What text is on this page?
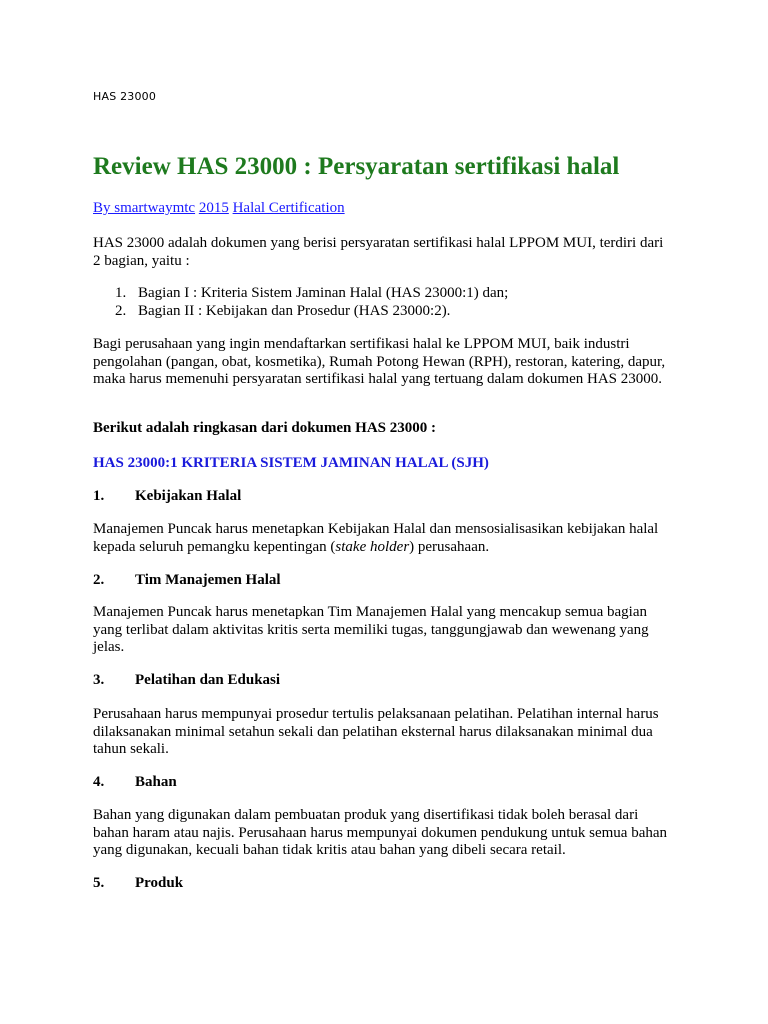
HAS 23000
Review HAS 23000 : Persyaratan sertifikasi halal
By smartwaymtc 2015 Halal Certification

HAS 23000 adalah dokumen yang berisi persyaratan sertifikasi halal LPPOM MUI, terdiri dari 2 bagian, yaitu :

1. Bagian I : Kriteria Sistem Jaminan Halal (HAS 23000:1) dan;
2. Bagian II : Kebijakan dan Prosedur (HAS 23000:2).

Bagi perusahaan yang ingin mendaftarkan sertifikasi halal ke LPPOM MUI, baik industri pengolahan (pangan, obat, kosmetika), Rumah Potong Hewan (RPH), restoran, katering, dapur, maka harus memenuhi persyaratan sertifikasi halal yang tertuang dalam dokumen HAS 23000.

Berikut adalah ringkasan dari dokumen HAS 23000 :

HAS 23000:1 KRITERIA SISTEM JAMINAN HALAL (SJH)

1. Kebijakan Halal

Manajemen Puncak harus menetapkan Kebijakan Halal dan mensosialisasikan kebijakan halal kepada seluruh pemangku kepentingan (stake holder) perusahaan.

2. Tim Manajemen Halal

Manajemen Puncak harus menetapkan Tim Manajemen Halal yang mencakup semua bagian yang terlibat dalam aktivitas kritis serta memiliki tugas, tanggungjawab dan wewenang yang jelas.

3. Pelatihan dan Edukasi

Perusahaan harus mempunyai prosedur tertulis pelaksanaan pelatihan. Pelatihan internal harus dilaksanakan minimal setahun sekali dan pelatihan eksternal harus dilaksanakan minimal dua tahun sekali.

4. Bahan

Bahan yang digunakan dalam pembuatan produk yang disertifikasi tidak boleh berasal dari bahan haram atau najis. Perusahaan harus mempunyai dokumen pendukung untuk semua bahan yang digunakan, kecuali bahan tidak kritis atau bahan yang dibeli secara retail.

5. Produk
